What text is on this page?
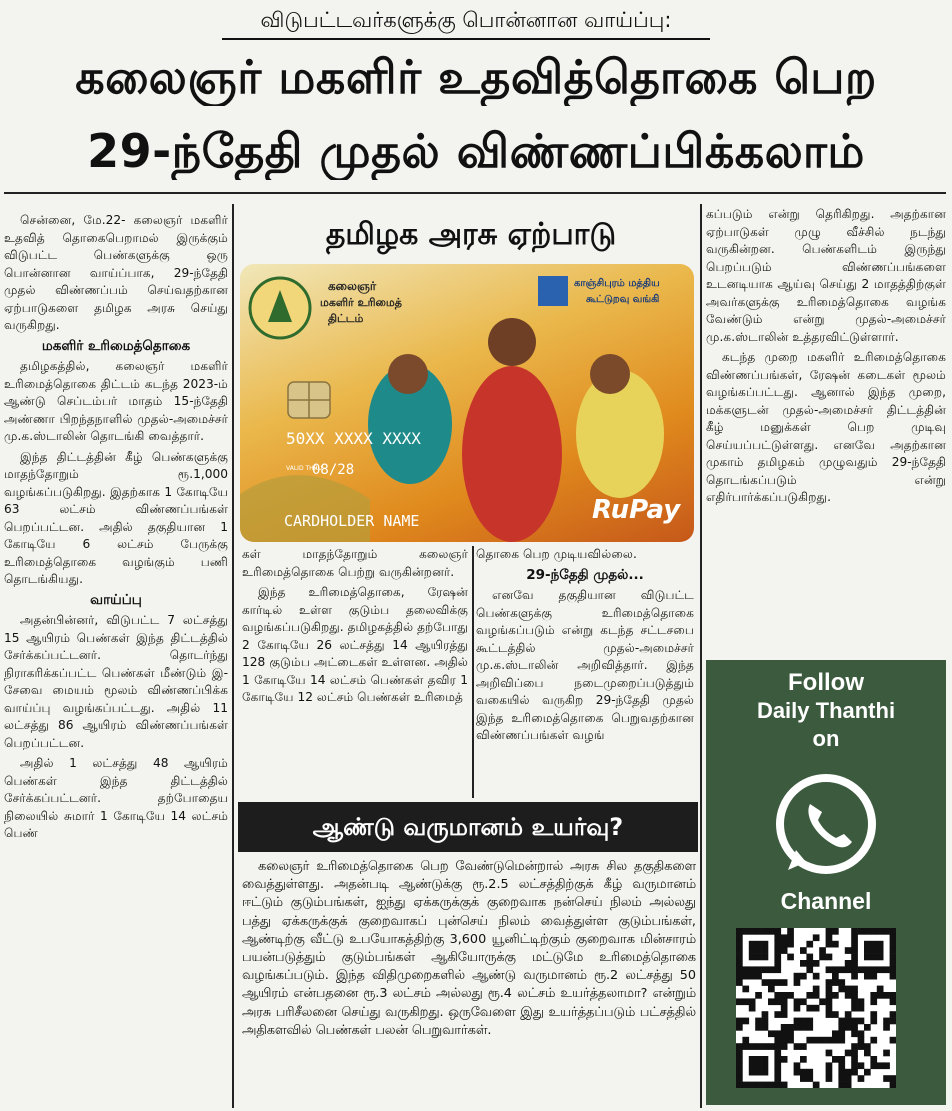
விடுபட்டவர்களுக்கு பொன்னான வாய்ப்பு:
கலைஞர் மகளிர் உதவித்தொகை பெற
29-ந்தேதி முதல் விண்ணப்பிக்கலாம்

சென்னை, மே.22- கலைஞர் மகளிர் உதவித் தொகைபெறாமல் இருக்கும் விடுபட்ட பெண்களுக்கு ஒரு பொன்னான வாய்ப்பாக, 29-ந்தேதி முதல் விண்ணப்பம் செய்வதற்கான ஏற்பாடுகளை தமிழக அரசு செய்து வருகிறது.

மகளிர் உரிமைத்தொகை

தமிழகத்தில், கலைஞர் மகளிர் உரிமைத்தொகை திட்டம் கடந்த 2023-ம் ஆண்டு செப்டம்பர் மாதம் 15-ந்தேதி அண்ணா பிறந்தநாளில் முதல்-அமைச்சர் மு.க.ஸ்டாலின் தொடங்கி வைத்தார்.

இந்த திட்டத்தின் கீழ் பெண்களுக்கு மாதந்தோறும் ரூ.1,000 வழங்கப்படுகிறது. இதற்காக 1 கோடியே 63 லட்சம் விண்ணப்பங்கள் பெறப்பட்டன. அதில் தகுதியான 1 கோடியே 6 லட்சம் பேருக்கு உரிமைத்தொகை வழங்கும் பணி தொடங்கியது.

வாய்ப்பு

அதன்பின்னர், விடுபட்ட 7 லட்சத்து 15 ஆயிரம் பெண்கள் இந்த திட்டத்தில் சேர்க்கப்பட்டனர். தொடர்ந்து நிராகரிக்கப்பட்ட பெண்கள் மீண்டும் இ-சேவை மையம் மூலம் விண்ணப்பிக்க வாய்ப்பு வழங்கப்பட்டது. அதில் 11 லட்சத்து 86 ஆயிரம் விண்ணப்பங்கள் பெறப்பட்டன.

அதில் 1 லட்சத்து 48 ஆயிரம் பெண்கள் இந்த திட்டத்தில் சேர்க்கப்பட்டனர். தற்போதைய நிலையில் சுமார் 1 கோடியே 14 லட்சம் பெண்

தமிழக அரசு ஏற்பாடு
கலைஞர்
மகளிர் உரிமைத்
திட்டம்
காஞ்சிபுரம் மத்திய
கூட்டுறவு வங்கி
50XX XXXX XXXX
VALID THRU
08/28
CARDHOLDER NAME	RuPay

கள் மாதந்தோறும் கலைஞர் உரிமைத்தொகை பெற்று வருகின்றனர்.

இந்த உரிமைத்தொகை, ரேஷன் கார்டில் உள்ள குடும்ப தலைவிக்கு வழங்கப்படுகிறது. தமிழகத்தில் தற்போது 2 கோடியே 26 லட்சத்து 14 ஆயிரத்து 128 குடும்ப அட்டைகள் உள்ளன. அதில் 1 கோடியே 14 லட்சம் பெண்கள் தவிர 1 கோடியே 12 லட்சம் பெண்கள் உரிமைத்

தொகை பெற முடியவில்லை.

29-ந்தேதி முதல்...

எனவே தகுதியான விடுபட்ட பெண்களுக்கு உரிமைத்தொகை வழங்கப்படும் என்று கடந்த சட்டசபை கூட்டத்தில் முதல்-அமைச்சர் மு.க.ஸ்டாலின் அறிவித்தார். இந்த அறிவிப்பை நடைமுறைப்படுத்தும் வகையில் வருகிற 29-ந்தேதி முதல் இந்த உரிமைத்தொகை பெறுவதற்கான விண்ணப்பங்கள் வழங்

கப்படும் என்று தெரிகிறது. அதற்கான ஏற்பாடுகள் முழு வீச்சில் நடந்து வருகின்றன. பெண்களிடம் இருந்து பெறப்படும் விண்ணப்பங்களை உடனடியாக ஆய்வு செய்து 2 மாதத்திற்குள் அவர்களுக்கு உரிமைத்தொகை வழங்க வேண்டும் என்று முதல்-அமைச்சர் மு.க.ஸ்டாலின் உத்தரவிட்டுள்ளார்.

கடந்த முறை மகளிர் உரிமைத்தொகை விண்ணப்பங்கள், ரேஷன் கடைகள் மூலம் வழங்கப்பட்டது. ஆனால் இந்த முறை, மக்களுடன் முதல்-அமைச்சர் திட்டத்தின் கீழ் மனுக்கள் பெற முடிவு செய்யப்பட்டுள்ளது. எனவே அதற்கான முகாம் தமிழகம் முழுவதும் 29-ந்தேதி தொடங்கப்படும் என்று எதிர்பார்க்கப்படுகிறது.

ஆண்டு வருமானம் உயர்வு?

கலைஞர் உரிமைத்தொகை பெற வேண்டுமென்றால் அரசு சில தகுதிகளை வைத்துள்ளது. அதன்படி ஆண்டுக்கு ரூ.2.5 லட்சத்திற்குக் கீழ் வருமானம் ஈட்டும் குடும்பங்கள், ஐந்து ஏக்கருக்குக் குறைவாக நன்செய் நிலம் அல்லது பத்து ஏக்கருக்குக் குறைவாகப் புன்செய் நிலம் வைத்துள்ள குடும்பங்கள், ஆண்டிற்கு வீட்டு உபயோகத்திற்கு 3,600 யூனிட்டிற்கும் குறைவாக மின்சாரம் பயன்படுத்தும் குடும்பங்கள் ஆகியோருக்கு மட்டுமே உரிமைத்தொகை வழங்கப்படும். இந்த விதிமுறைகளில் ஆண்டு வருமானம் ரூ.2 லட்சத்து 50 ஆயிரம் என்பதனை ரூ.3 லட்சம் அல்லது ரூ.4 லட்சம் உயர்த்தலாமா? என்றும் அரசு பரிசீலனை செய்து வருகிறது. ஒருவேளை இது உயர்த்தப்படும் பட்சத்தில் அதிகளவில் பெண்கள் பலன் பெறுவார்கள்.

Follow
Daily Thanthi
on
Channel
